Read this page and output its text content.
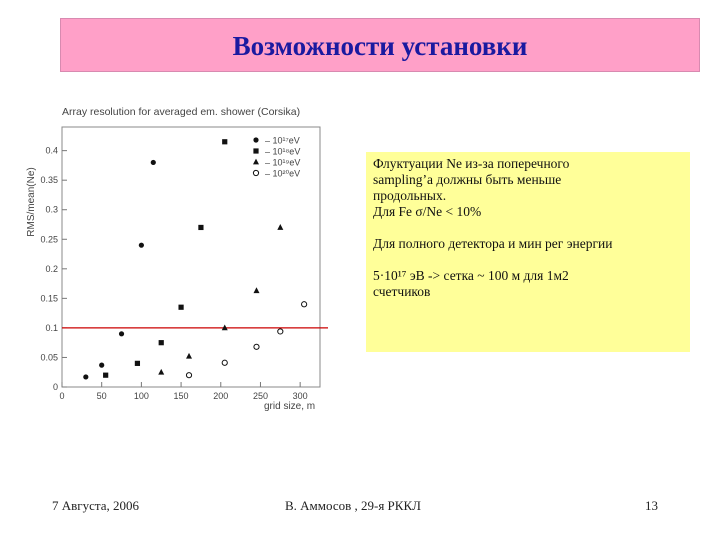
Возможности установки
Array resolution for averaged em. shower (Corsika)
RMS/mean(Ne)
grid size, m
0	50	100	150	200	250	300
0
0.05
0.1
0.15
0.2
0.25
0.3
0.35
0.4
– 10¹⁷eV
– 10¹⁸eV
– 10¹⁹eV
– 10²⁰eV

Флуктуации Ne из-за поперечного

sampling’a должны быть меньше

продольных.

Для Fe σ/Ne < 10%

Для полного детектора и мин рег энергии

5·10¹⁷ эВ -> сетка ~ 100 м для 1м2

счетчиков

7 Августа, 2006	В. Аммосов , 29-я РККЛ	13
